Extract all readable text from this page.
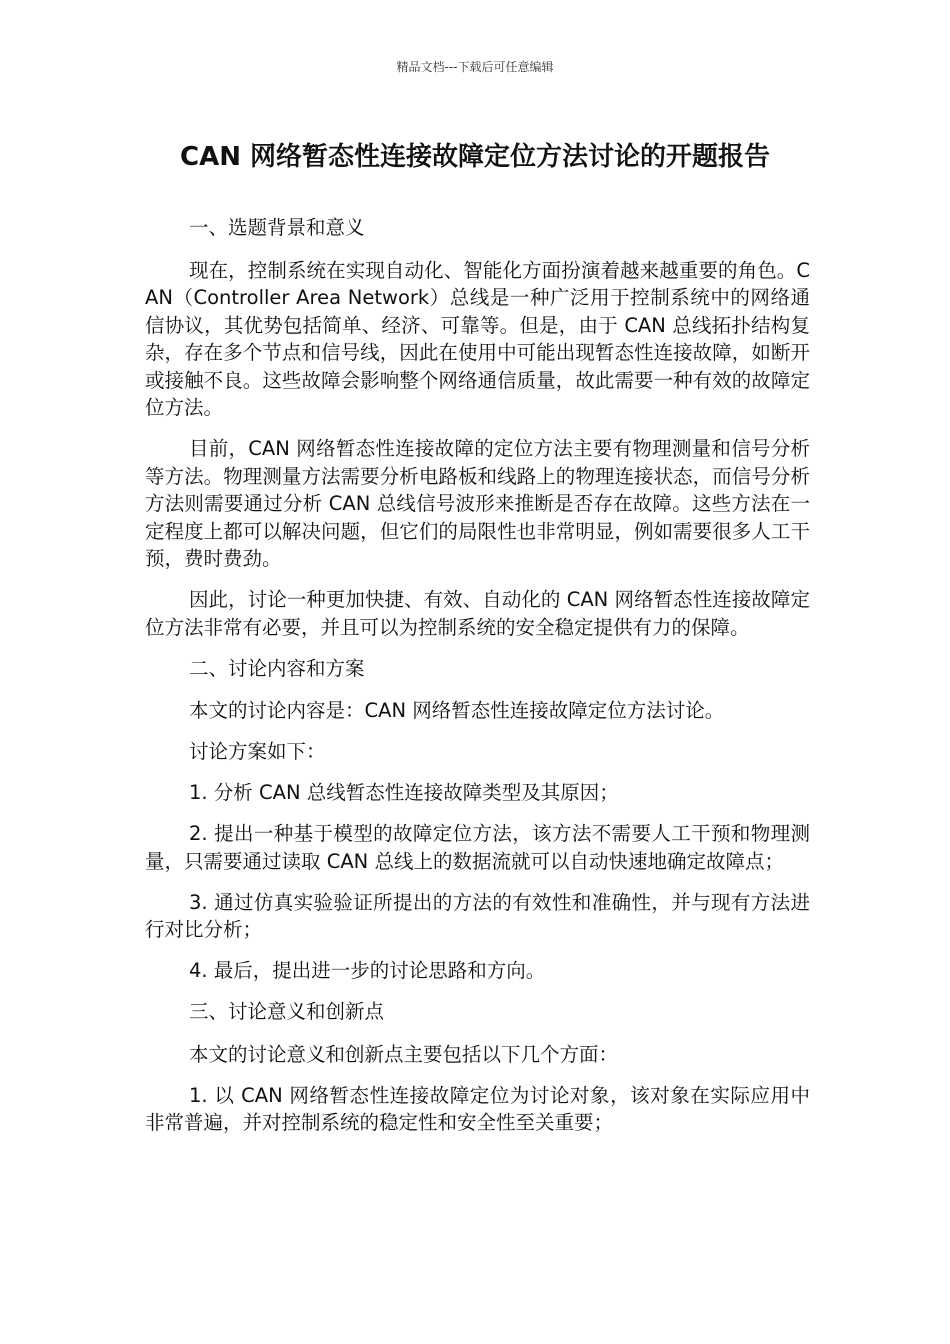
精品文档---下载后可任意编辑
CAN 网络暂态性连接故障定位方法讨论的开题报告

一、选题背景和意义

现在，控制系统在实现自动化、智能化方面扮演着越来越重要的角色。CAN（Controller Area Network）总线是一种广泛用于控制系统中的网络通信协议，其优势包括简单、经济、可靠等。但是，由于 CAN 总线拓扑结构复杂，存在多个节点和信号线，因此在使用中可能出现暂态性连接故障，如断开或接触不良。这些故障会影响整个网络通信质量，故此需要一种有效的故障定位方法。

目前，CAN 网络暂态性连接故障的定位方法主要有物理测量和信号分析等方法。物理测量方法需要分析电路板和线路上的物理连接状态，而信号分析方法则需要通过分析 CAN 总线信号波形来推断是否存在故障。这些方法在一定程度上都可以解决问题，但它们的局限性也非常明显，例如需要很多人工干预，费时费劲。

因此，讨论一种更加快捷、有效、自动化的 CAN 网络暂态性连接故障定位方法非常有必要，并且可以为控制系统的安全稳定提供有力的保障。

二、讨论内容和方案

本文的讨论内容是：CAN 网络暂态性连接故障定位方法讨论。

讨论方案如下：

1. 分析 CAN 总线暂态性连接故障类型及其原因；

2. 提出一种基于模型的故障定位方法，该方法不需要人工干预和物理测量，只需要通过读取 CAN 总线上的数据流就可以自动快速地确定故障点；

3. 通过仿真实验验证所提出的方法的有效性和准确性，并与现有方法进行对比分析；

4. 最后，提出进一步的讨论思路和方向。

三、讨论意义和创新点

本文的讨论意义和创新点主要包括以下几个方面：

1. 以 CAN 网络暂态性连接故障定位为讨论对象，该对象在实际应用中非常普遍，并对控制系统的稳定性和安全性至关重要；
